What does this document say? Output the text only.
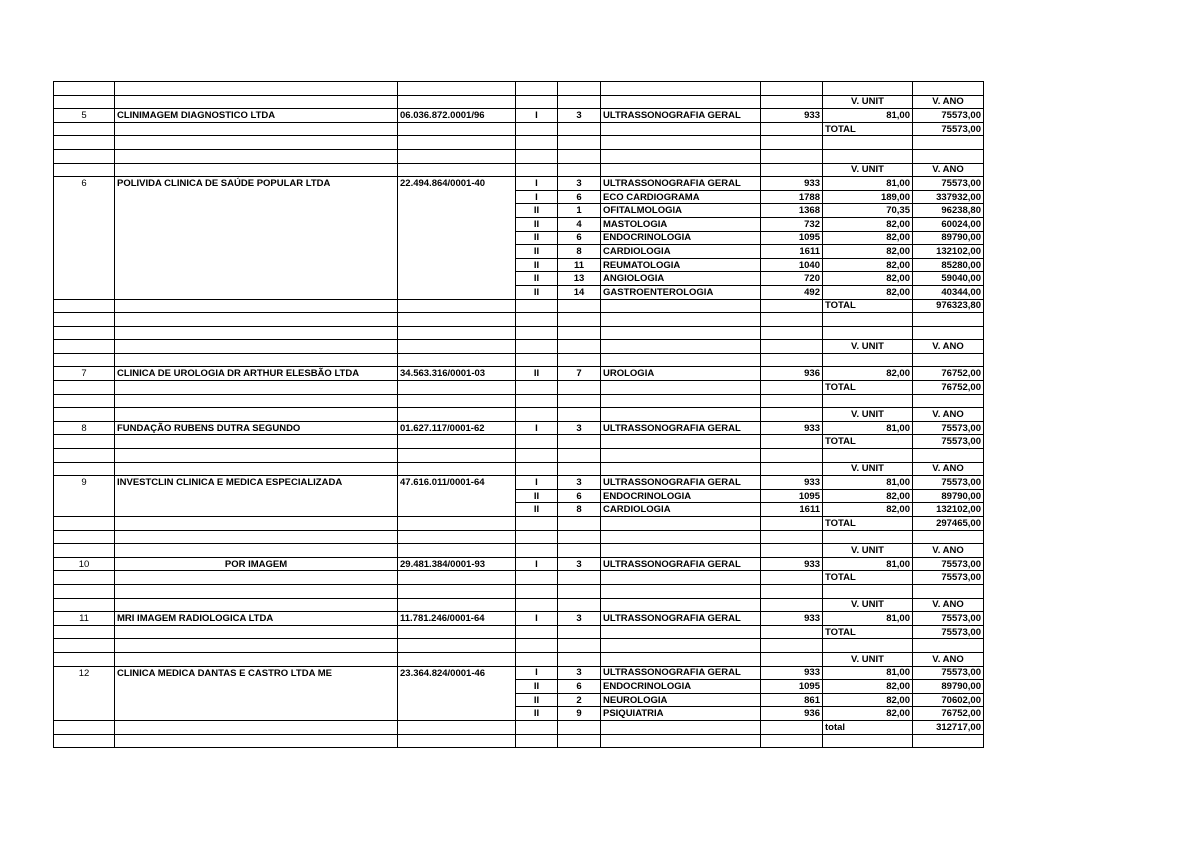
							V. UNIT	V. ANO
5	CLINIMAGEM DIAGNOSTICO LTDA	06.036.872.0001/96	I	3	ULTRASSONOGRAFIA GERAL	933	81,00	75573,00
							TOTAL	75573,00

							V. UNIT	V. ANO
6	POLIVIDA CLINICA DE SAÚDE POPULAR LTDA	22.494.864/0001-40	I	3	ULTRASSONOGRAFIA GERAL	933	81,00	75573,00
			I	6	ECO CARDIOGRAMA	1788	189,00	337932,00
			II	1	OFITALMOLOGIA	1368	70,35	96238,80
			II	4	MASTOLOGIA	732	82,00	60024,00
			II	6	ENDOCRINOLOGIA	1095	82,00	89790,00
			II	8	CARDIOLOGIA	1611	82,00	132102,00
			II	11	REUMATOLOGIA	1040	82,00	85280,00
			II	13	ANGIOLOGIA	720	82,00	59040,00
			II	14	GASTROENTEROLOGIA	492	82,00	40344,00
							TOTAL	976323,80

							V. UNIT	V. ANO

7	CLINICA DE UROLOGIA DR ARTHUR ELESBÃO LTDA	34.563.316/0001-03	II	7	UROLOGIA	936	82,00	76752,00
							TOTAL	76752,00

							V. UNIT	V. ANO
8	FUNDAÇÃO RUBENS DUTRA SEGUNDO	01.627.117/0001-62	I	3	ULTRASSONOGRAFIA GERAL	933	81,00	75573,00
							TOTAL	75573,00

							V. UNIT	V. ANO
9	INVESTCLIN CLINICA E MEDICA ESPECIALIZADA	47.616.011/0001-64	I	3	ULTRASSONOGRAFIA GERAL	933	81,00	75573,00
			II	6	ENDOCRINOLOGIA	1095	82,00	89790,00
			II	8	CARDIOLOGIA	1611	82,00	132102,00
							TOTAL	297465,00

							V. UNIT	V. ANO
10	POR IMAGEM	29.481.384/0001-93	I	3	ULTRASSONOGRAFIA GERAL	933	81,00	75573,00
							TOTAL	75573,00

							V. UNIT	V. ANO
11	MRI IMAGEM RADIOLOGICA LTDA	11.781.246/0001-64	I	3	ULTRASSONOGRAFIA GERAL	933	81,00	75573,00
							TOTAL	75573,00

							V. UNIT	V. ANO
12	CLINICA MEDICA DANTAS E CASTRO LTDA ME	23.364.824/0001-46	I	3	ULTRASSONOGRAFIA GERAL	933	81,00	75573,00
			II	6	ENDOCRINOLOGIA	1095	82,00	89790,00
			II	2	NEUROLOGIA	861	82,00	70602,00
			II	9	PSIQUIATRIA	936	82,00	76752,00
							total	312717,00
